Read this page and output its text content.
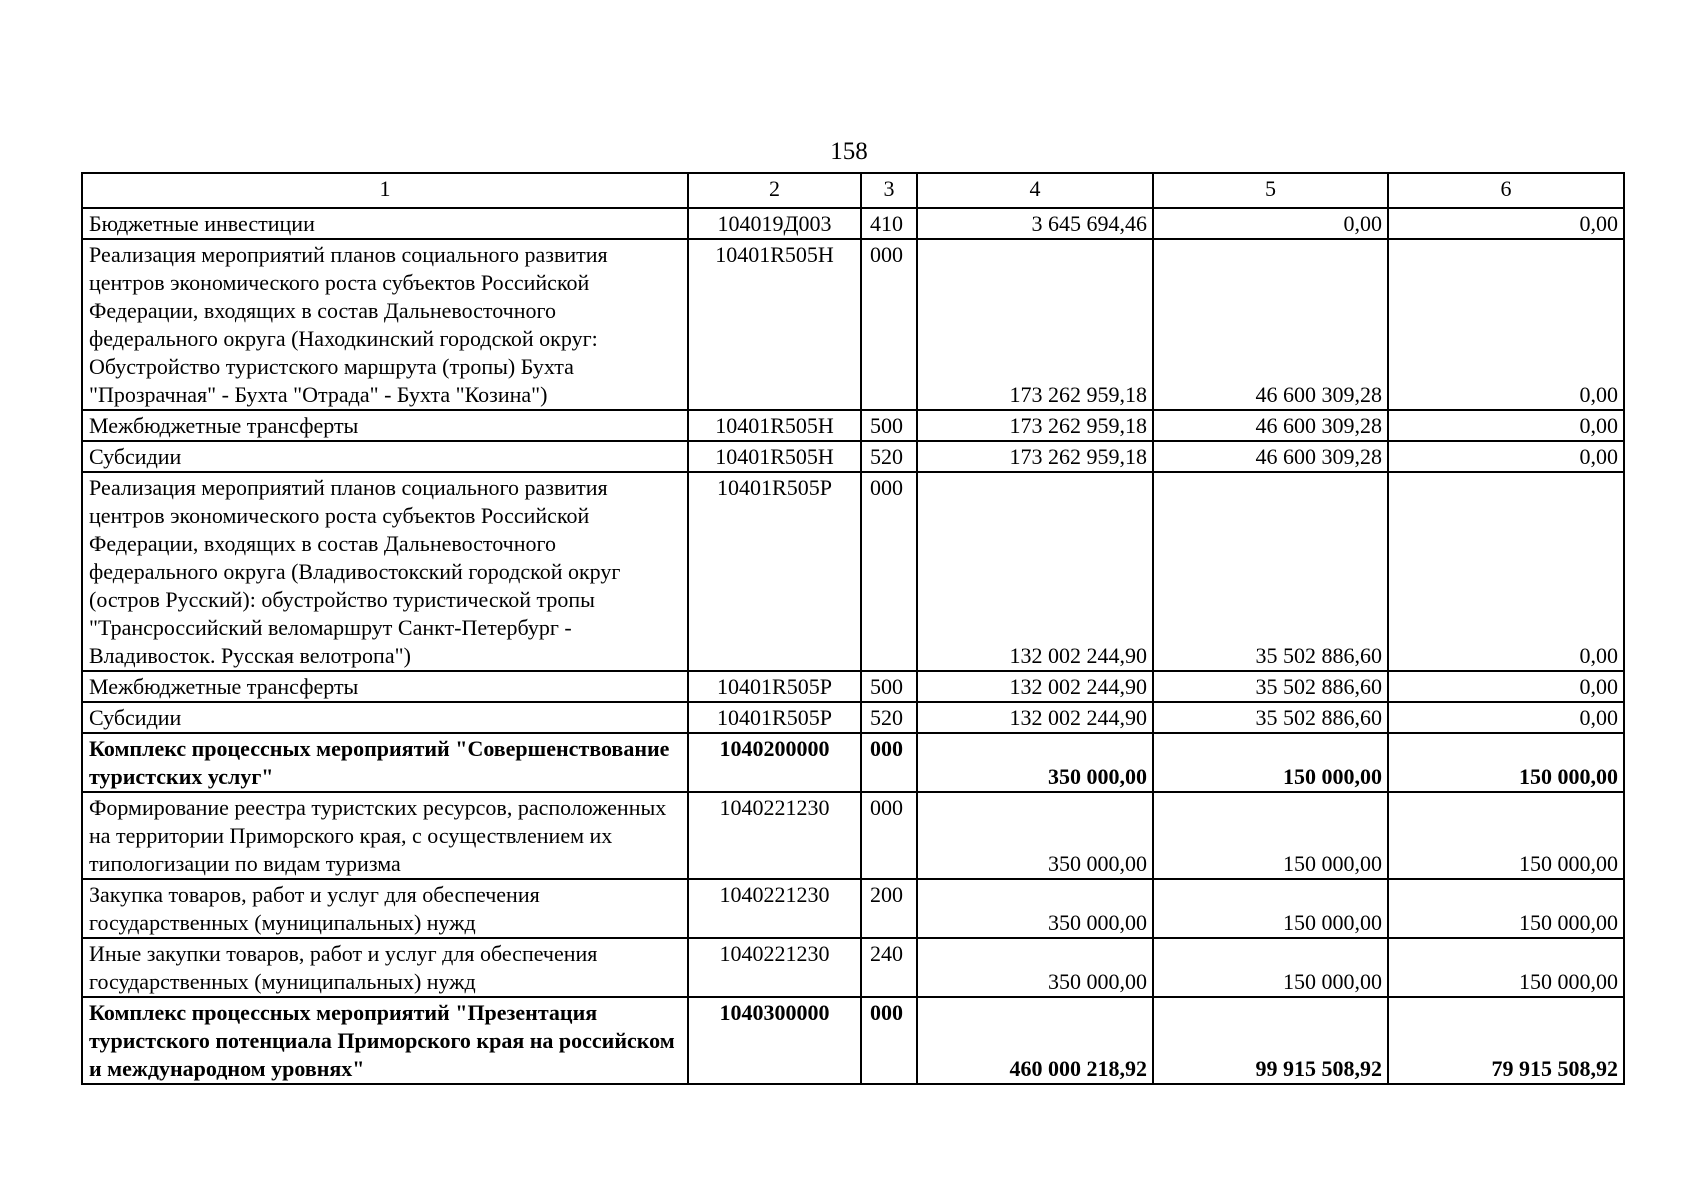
158
1	2	3	4	5	6
Бюджетные инвестиции	104019Д003	410	3 645 694,46	0,00	0,00
Реализация мероприятий планов социального развития центров экономического роста субъектов Российской Федерации, входящих в состав Дальневосточного федерального округа (Находкинский городской округ: Обустройство туристского маршрута (тропы) Бухта "Прозрачная" - Бухта "Отрада" - Бухта "Козина")	10401R505H	000	173 262 959,18	46 600 309,28	0,00
Межбюджетные трансферты	10401R505H	500	173 262 959,18	46 600 309,28	0,00
Субсидии	10401R505H	520	173 262 959,18	46 600 309,28	0,00
Реализация мероприятий планов социального развития центров экономического роста субъектов Российской Федерации, входящих в состав Дальневосточного федерального округа (Владивостокский городской округ (остров Русский): обустройство туристической тропы "Трансроссийский веломаршрут Санкт-Петербург - Владивосток. Русская велотропа")	10401R505P	000	132 002 244,90	35 502 886,60	0,00
Межбюджетные трансферты	10401R505P	500	132 002 244,90	35 502 886,60	0,00
Субсидии	10401R505P	520	132 002 244,90	35 502 886,60	0,00
Комплекс процессных мероприятий "Совершенствование туристских услуг"	1040200000	000	350 000,00	150 000,00	150 000,00
Формирование реестра туристских ресурсов, расположенных на территории Приморского края, с осуществлением их типологизации по видам туризма	1040221230	000	350 000,00	150 000,00	150 000,00
Закупка товаров, работ и услуг для обеспечения государственных (муниципальных) нужд	1040221230	200	350 000,00	150 000,00	150 000,00
Иные закупки товаров, работ и услуг для обеспечения государственных (муниципальных) нужд	1040221230	240	350 000,00	150 000,00	150 000,00
Комплекс процессных мероприятий "Презентация туристского потенциала Приморского края на российском и международном уровнях"	1040300000	000	460 000 218,92	99 915 508,92	79 915 508,92
